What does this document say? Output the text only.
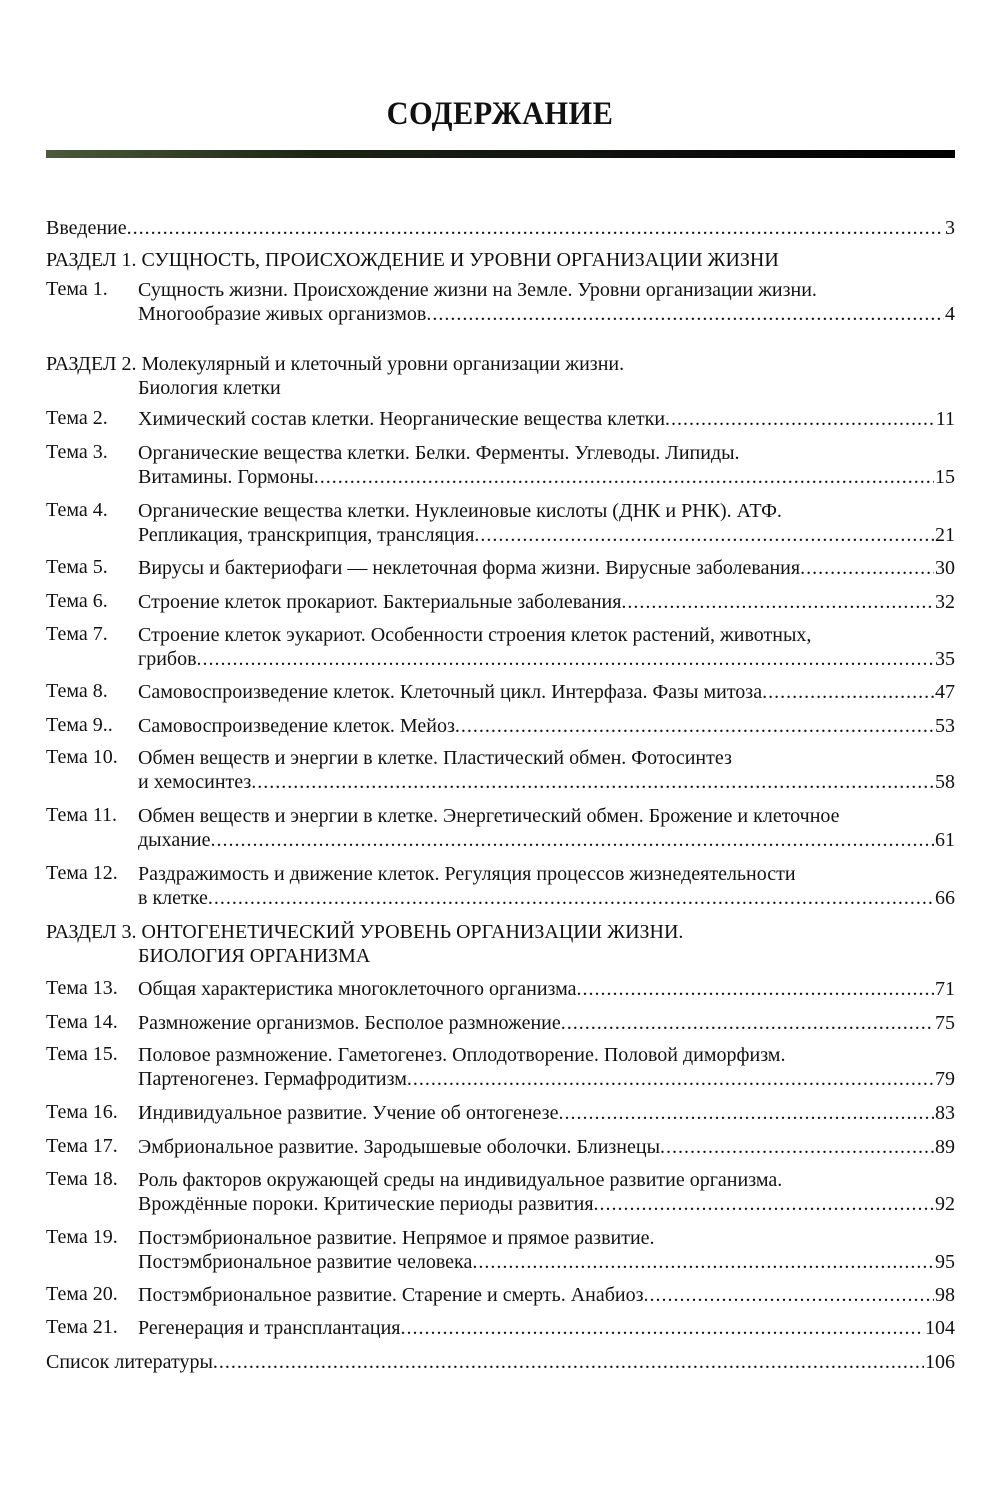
СОДЕРЖАНИЕ
Введение .....	3
РАЗДЕЛ 1. СУЩНОСТЬ, ПРОИСХОЖДЕНИЕ И УРОВНИ ОРГАНИЗАЦИИ ЖИЗНИ
Тема 1.	Сущность жизни. Происхождение жизни на Земле. Уровни организации жизни.
Многообразие живых организмов .....	4
РАЗДЕЛ 2. Молекулярный и клеточный уровни организации жизни.
Биология клетки
Тема 2.	Химический состав клетки. Неорганические вещества клетки .....	11
Тема 3.	Органические вещества клетки. Белки. Ферменты. Углеводы. Липиды.
Витамины. Гормоны .....	15
Тема 4.	Органические вещества клетки. Нуклеиновые кислоты (ДНК и РНК). АТФ.
Репликация, транскрипция, трансляция .....	21
Тема 5.	Вирусы и бактериофаги — неклеточная форма жизни. Вирусные заболевания .....	30
Тема 6.	Строение клеток прокариот. Бактериальные заболевания .....	32
Тема 7.	Строение клеток эукариот. Особенности строения клеток растений, животных,
грибов .....	35
Тема 8.	Самовоспроизведение клеток. Клеточный цикл. Интерфаза. Фазы митоза .....	47
Тема 9..	Самовоспроизведение клеток. Мейоз .....	53
Тема 10.	Обмен веществ и энергии в клетке. Пластический обмен. Фотосинтез
и хемосинтез .....	58
Тема 11.	Обмен веществ и энергии в клетке. Энергетический обмен. Брожение и клеточное
дыхание .....	61
Тема 12.	Раздражимость и движение клеток. Регуляция процессов жизнедеятельности
в клетке .....	66
РАЗДЕЛ 3. ОНТОГЕНЕТИЧЕСКИЙ УРОВЕНЬ ОРГАНИЗАЦИИ ЖИЗНИ.
БИОЛОГИЯ ОРГАНИЗМА
Тема 13.	Общая характеристика многоклеточного организма .....	71
Тема 14.	Размножение организмов. Бесполое размножение .....	75
Тема 15.	Половое размножение. Гаметогенез. Оплодотворение. Половой диморфизм.
Партеногенез. Гермафродитизм .....	79
Тема 16.	Индивидуальное развитие. Учение об онтогенезе .....	83
Тема 17.	Эмбриональное развитие. Зародышевые оболочки. Близнецы .....	89
Тема 18.	Роль факторов окружающей среды на индивидуальное развитие организма.
Врождённые пороки. Критические периоды развития .....	92
Тема 19.	Постэмбриональное развитие. Непрямое и прямое развитие.
Постэмбриональное развитие человека .....	95
Тема 20.	Постэмбриональное развитие. Старение и смерть. Анабиоз .....	98
Тема 21.	Регенерация и трансплантация .....	104
Список литературы .....	106
